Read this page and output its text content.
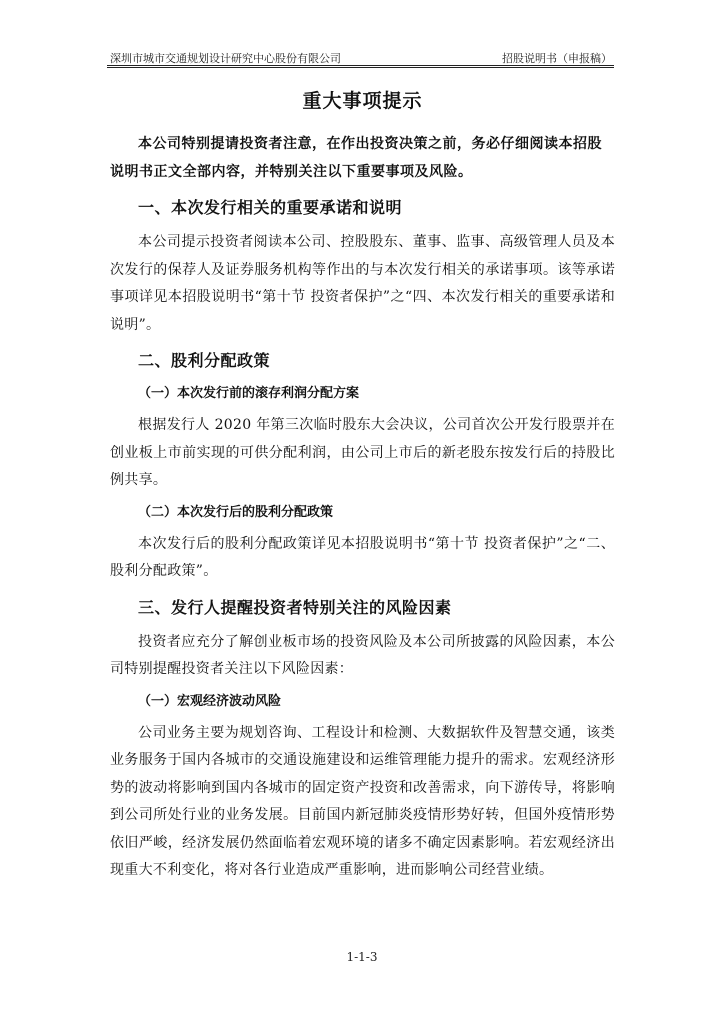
深圳市城市交通规划设计研究中心股份有限公司	招股说明书（申报稿）
重大事项提示

本公司特别提请投资者注意，在作出投资决策之前，务必仔细阅读本招股说明书正文全部内容，并特别关注以下重要事项及风险。

一、本次发行相关的重要承诺和说明

本公司提示投资者阅读本公司、控股股东、董事、监事、高级管理人员及本次发行的保荐人及证券服务机构等作出的与本次发行相关的承诺事项。该等承诺事项详见本招股说明书“第十节 投资者保护”之“四、本次发行相关的重要承诺和说明”。

二、股利分配政策
（一）本次发行前的滚存利润分配方案

根据发行人 2020 年第三次临时股东大会决议，公司首次公开发行股票并在创业板上市前实现的可供分配利润，由公司上市后的新老股东按发行后的持股比例共享。

（二）本次发行后的股利分配政策

本次发行后的股利分配政策详见本招股说明书“第十节 投资者保护”之“二、股利分配政策”。

三、发行人提醒投资者特别关注的风险因素

投资者应充分了解创业板市场的投资风险及本公司所披露的风险因素，本公司特别提醒投资者关注以下风险因素：

（一）宏观经济波动风险

公司业务主要为规划咨询、工程设计和检测、大数据软件及智慧交通，该类业务服务于国内各城市的交通设施建设和运维管理能力提升的需求。宏观经济形势的波动将影响到国内各城市的固定资产投资和改善需求，向下游传导，将影响到公司所处行业的业务发展。目前国内新冠肺炎疫情形势好转，但国外疫情形势依旧严峻，经济发展仍然面临着宏观环境的诸多不确定因素影响。若宏观经济出现重大不利变化，将对各行业造成严重影响，进而影响公司经营业绩。

1-1-3
